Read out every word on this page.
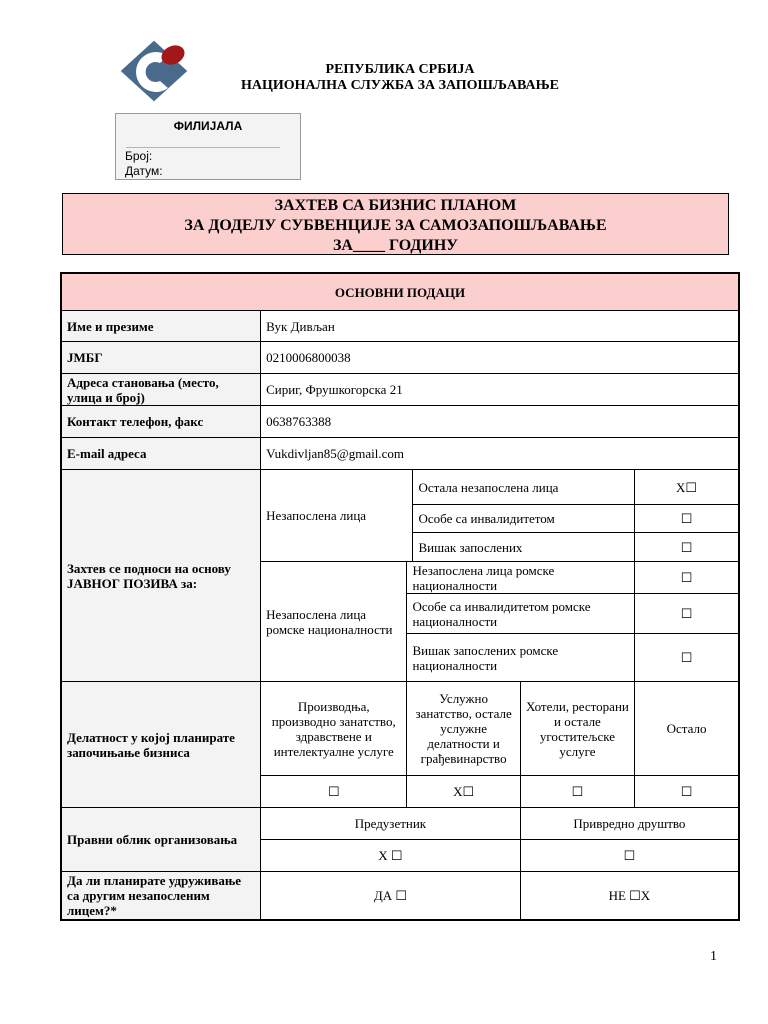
РЕПУБЛИКА СРБИЈА
НАЦИОНАЛНА СЛУЖБА ЗА ЗАПОШЉАВАЊЕ
ФИЛИЈАЛА
Број:
Датум:
ЗАХТЕВ СА БИЗНИС ПЛАНОМ
ЗА ДОДЕЛУ СУБВЕНЦИЈЕ ЗА САМОЗАПОШЉАВАЊЕ
ЗА____ ГОДИНУ
ОСНОВНИ ПОДАЦИ					
Име и презиме	Вук Дивљан				
ЈМБГ	0210006800038				
Адреса становања (место, улица и број)	Сириг, Фрушкогорска 21				
Контакт телефон, факс	0638763388				
E-mail адреса	Vukdivljan85@gmail.com				
Захтев се подноси на основу ЈАВНОГ ПОЗИВА за:	Незапослена лица		Остала незапослена лица		X☐
			Особе са инвалидитетом		☐
			Вишак запослених		☐
	Незапослена лица ромске националности	Незапослена лица ромске националности			☐
		Особе са инвалидитетом ромске националности			☐
		Вишак запослених ромске националности			☐
Делатност у којој планирате започињање бизниса	Производња, производно занатство, здравствене и интелектуалне услуге	Услужно занатство, остале услужне делатности и грађевинарство		Хотели, ресторани и остале угоститељске услуге	Остало
	☐	X☐		☐	☐
Правни облик организовања	Предузетник			Привредно друштво	
	X ☐			☐	
Да ли планирате удруживање са другим незапосленим лицем?*	ДА ☐			НЕ ☐X	
1
